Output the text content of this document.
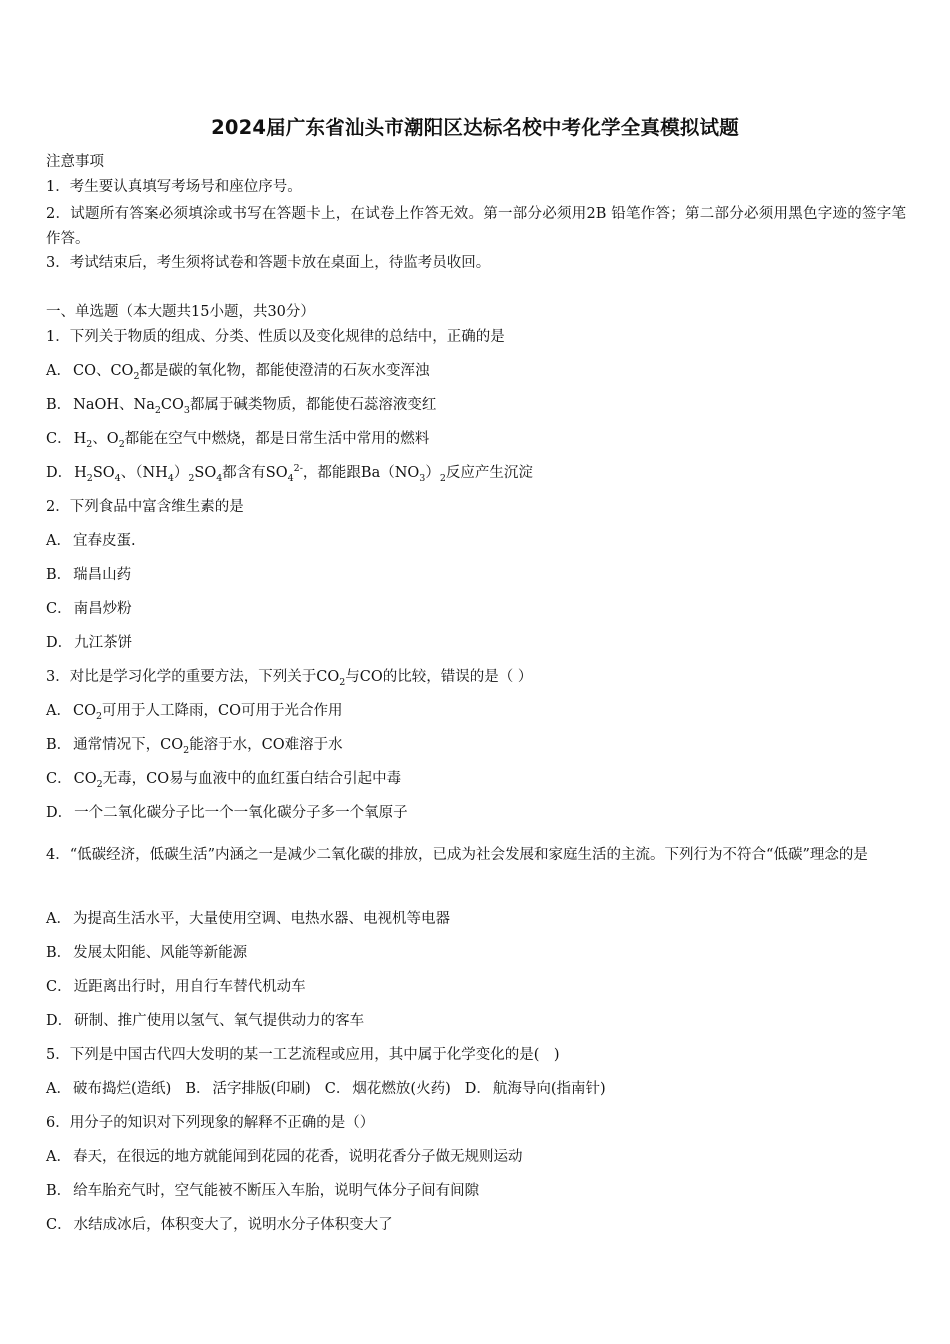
2024届广东省汕头市潮阳区达标名校中考化学全真模拟试题
注意事项
1．考生要认真填写考场号和座位序号。
2．试题所有答案必须填涂或书写在答题卡上，在试卷上作答无效。第一部分必须用2B 铅笔作答；第二部分必须用黑色字迹的签字笔作答。
3．考试结束后，考生须将试卷和答题卡放在桌面上，待监考员收回。
一、单选题（本大题共15小题，共30分）
1．下列关于物质的组成、分类、性质以及变化规律的总结中，正确的是
A． CO、$CO_2$都是碳的氧化物，都能使澄清的石灰水变浑浊
B． NaOH、$Na_2CO_3$都属于碱类物质，都能使石蕊溶液变红
C． $H_2$、$O_2$都能在空气中燃烧，都是日常生活中常用的燃料
D． $H_2SO_4$、$(NH_4)_2SO_4$都含有$SO_4^{2-}$，都能跟$Ba(NO_3)_2$反应产生沉淀
2．下列食品中富含维生素的是
A． 宜春皮蛋.
B． 瑞昌山药
C． 南昌炒粉
D． 九江茶饼
3．对比是学习化学的重要方法，下列关于$CO_2$与CO的比较，错误的是（ ）
A． $CO_2$可用于人工降雨，CO可用于光合作用
B． 通常情况下，$CO_2$能溶于水，CO难溶于水
C． $CO_2$无毒，CO易与血液中的血红蛋白结合引起中毒
D． 一个二氧化碳分子比一个一氧化碳分子多一个氧原子
4．“低碳经济，低碳生活”内涵之一是减少二氧化碳的排放，已成为社会发展和家庭生活的主流。下列行为不符合“低碳”理念的是
A． 为提高生活水平，大量使用空调、电热水器、电视机等电器
B． 发展太阳能、风能等新能源
C． 近距离出行时，用自行车替代机动车
D． 研制、推广使用以氢气、氧气提供动力的客车
5．下列是中国古代四大发明的某一工艺流程或应用，其中属于化学变化的是(　)
A． 破布捣烂(造纸) B． 活字排版(印刷) C． 烟花燃放(火药) D． 航海导向(指南针)
6．用分子的知识对下列现象的解释不正确的是（）
A． 春天，在很远的地方就能闻到花园的花香，说明花香分子做无规则运动
B． 给车胎充气时，空气能被不断压入车胎，说明气体分子间有间隙
C． 水结成冰后，体积变大了，说明水分子体积变大了
